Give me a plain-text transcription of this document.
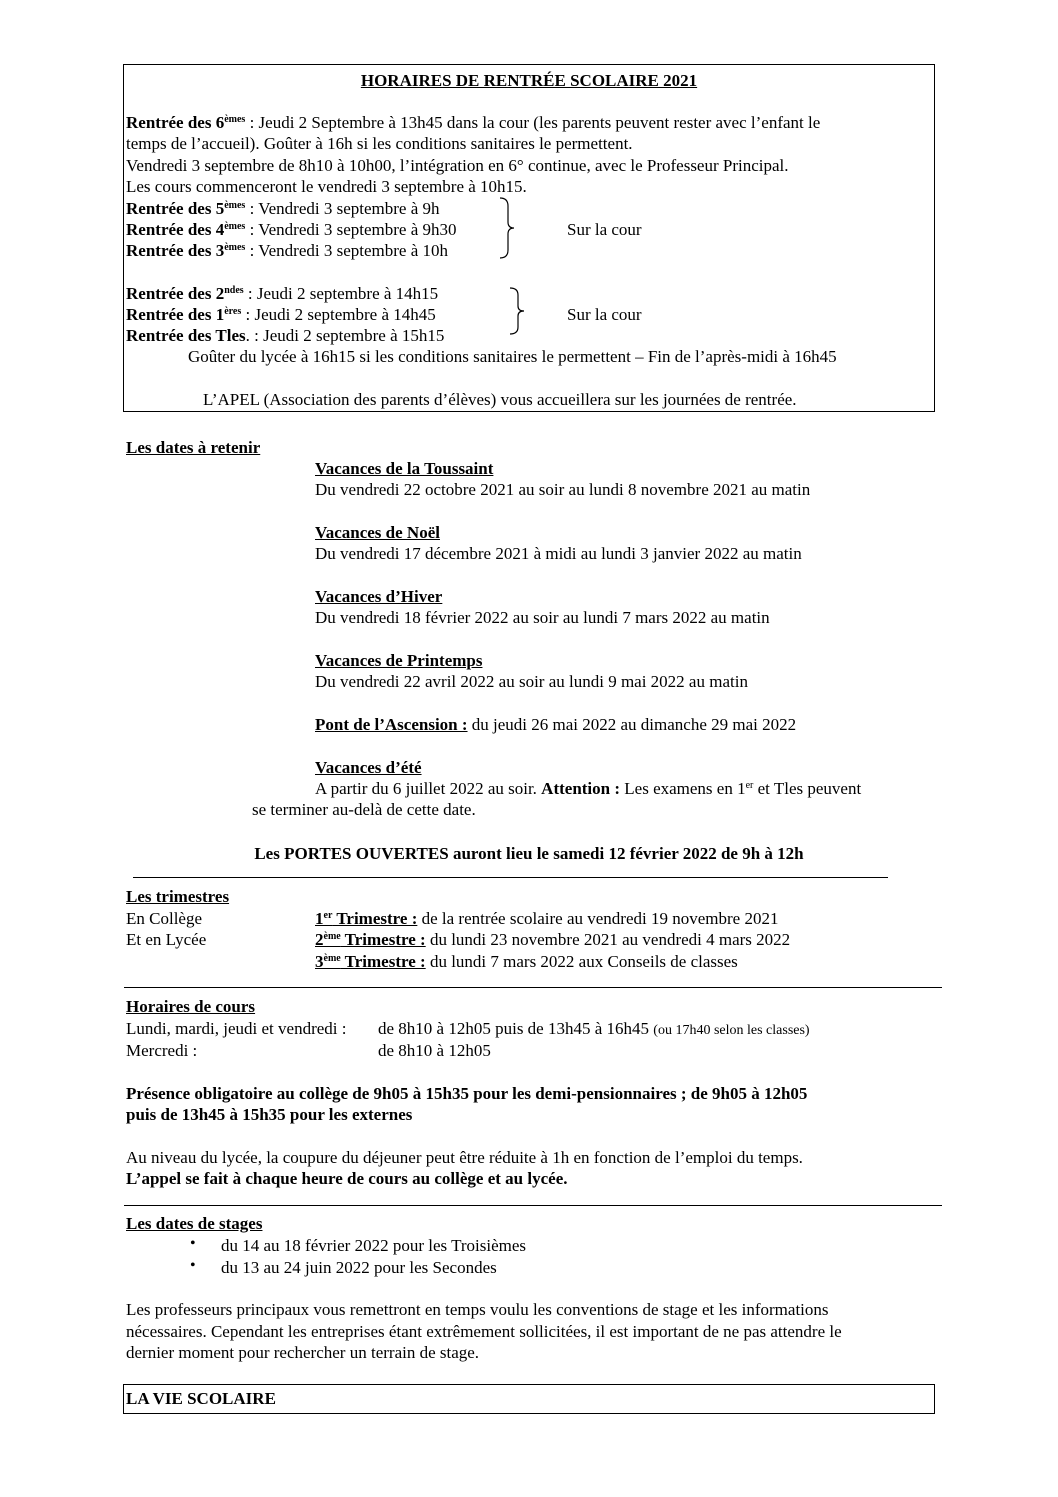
HORAIRES DE RENTRÉE SCOLAIRE 2021
Rentrée des 6èmes : Jeudi 2 Septembre à 13h45 dans la cour (les parents peuvent rester avec l’enfant le
temps de l’accueil). Goûter à 16h si les conditions sanitaires le permettent.
Vendredi 3 septembre de 8h10 à 10h00, l’intégration en 6° continue, avec le Professeur Principal.
Les cours commenceront le vendredi 3 septembre à 10h15.
Rentrée des 5èmes : Vendredi 3 septembre à 9h
Rentrée des 4èmes : Vendredi 3 septembre à 9h30
Rentrée des 3èmes : Vendredi 3 septembre à 10h
Sur la cour
Rentrée des $2^{ndes}$ : Jeudi 2 septembre à 14h15
Rentrée des 1ères : Jeudi 2 septembre à 14h45
Rentrée des Tles. : Jeudi 2 septembre à 15h15
Sur la cour
Goûter du lycée à 16h15 si les conditions sanitaires le permettent – Fin de l’après-midi à 16h45
L’APEL (Association des parents d’élèves) vous accueillera sur les journées de rentrée.
Les dates à retenir
Vacances de la Toussaint
Du vendredi 22 octobre 2021 au soir au lundi 8 novembre 2021 au matin
Vacances de Noël
Du vendredi 17 décembre 2021 à midi au lundi 3 janvier 2022 au matin
Vacances d’Hiver
Du vendredi 18 février 2022 au soir au lundi 7 mars 2022 au matin
Vacances de Printemps
Du vendredi 22 avril 2022 au soir au lundi 9 mai 2022 au matin
Pont de l’Ascension : du jeudi 26 mai 2022 au dimanche 29 mai 2022
Vacances d’été
A partir du 6 juillet 2022 au soir. Attention : Les examens en 1er et Tles peuvent
se terminer au-delà de cette date.
Les PORTES OUVERTES auront lieu le samedi 12 février 2022 de 9h à 12h
Les trimestres
En Collège
Et en Lycée
1er Trimestre : de la rentrée scolaire au vendredi 19 novembre 2021
2ème Trimestre : du lundi 23 novembre 2021 au vendredi 4 mars 2022
3ème Trimestre : du lundi 7 mars 2022 aux Conseils de classes
Horaires de cours
Lundi, mardi, jeudi et vendredi : de 8h10 à 12h05 puis de 13h45 à 16h45 (ou 17h40 selon les classes)
Mercredi :	de 8h10 à 12h05
Présence obligatoire au collège de 9h05 à 15h35 pour les demi-pensionnaires ; de 9h05 à 12h05
puis de 13h45 à 15h35 pour les externes
Au niveau du lycée, la coupure du déjeuner peut être réduite à 1h en fonction de l’emploi du temps.
L’appel se fait à chaque heure de cours au collège et au lycée.
Les dates de stages
• du 14 au 18 février 2022 pour les Troisièmes
• du 13 au 24 juin 2022 pour les Secondes
Les professeurs principaux vous remettront en temps voulu les conventions de stage et les informations
nécessaires. Cependant les entreprises étant extrêmement sollicitées, il est important de ne pas attendre le
dernier moment pour rechercher un terrain de stage.
LA VIE SCOLAIRE
